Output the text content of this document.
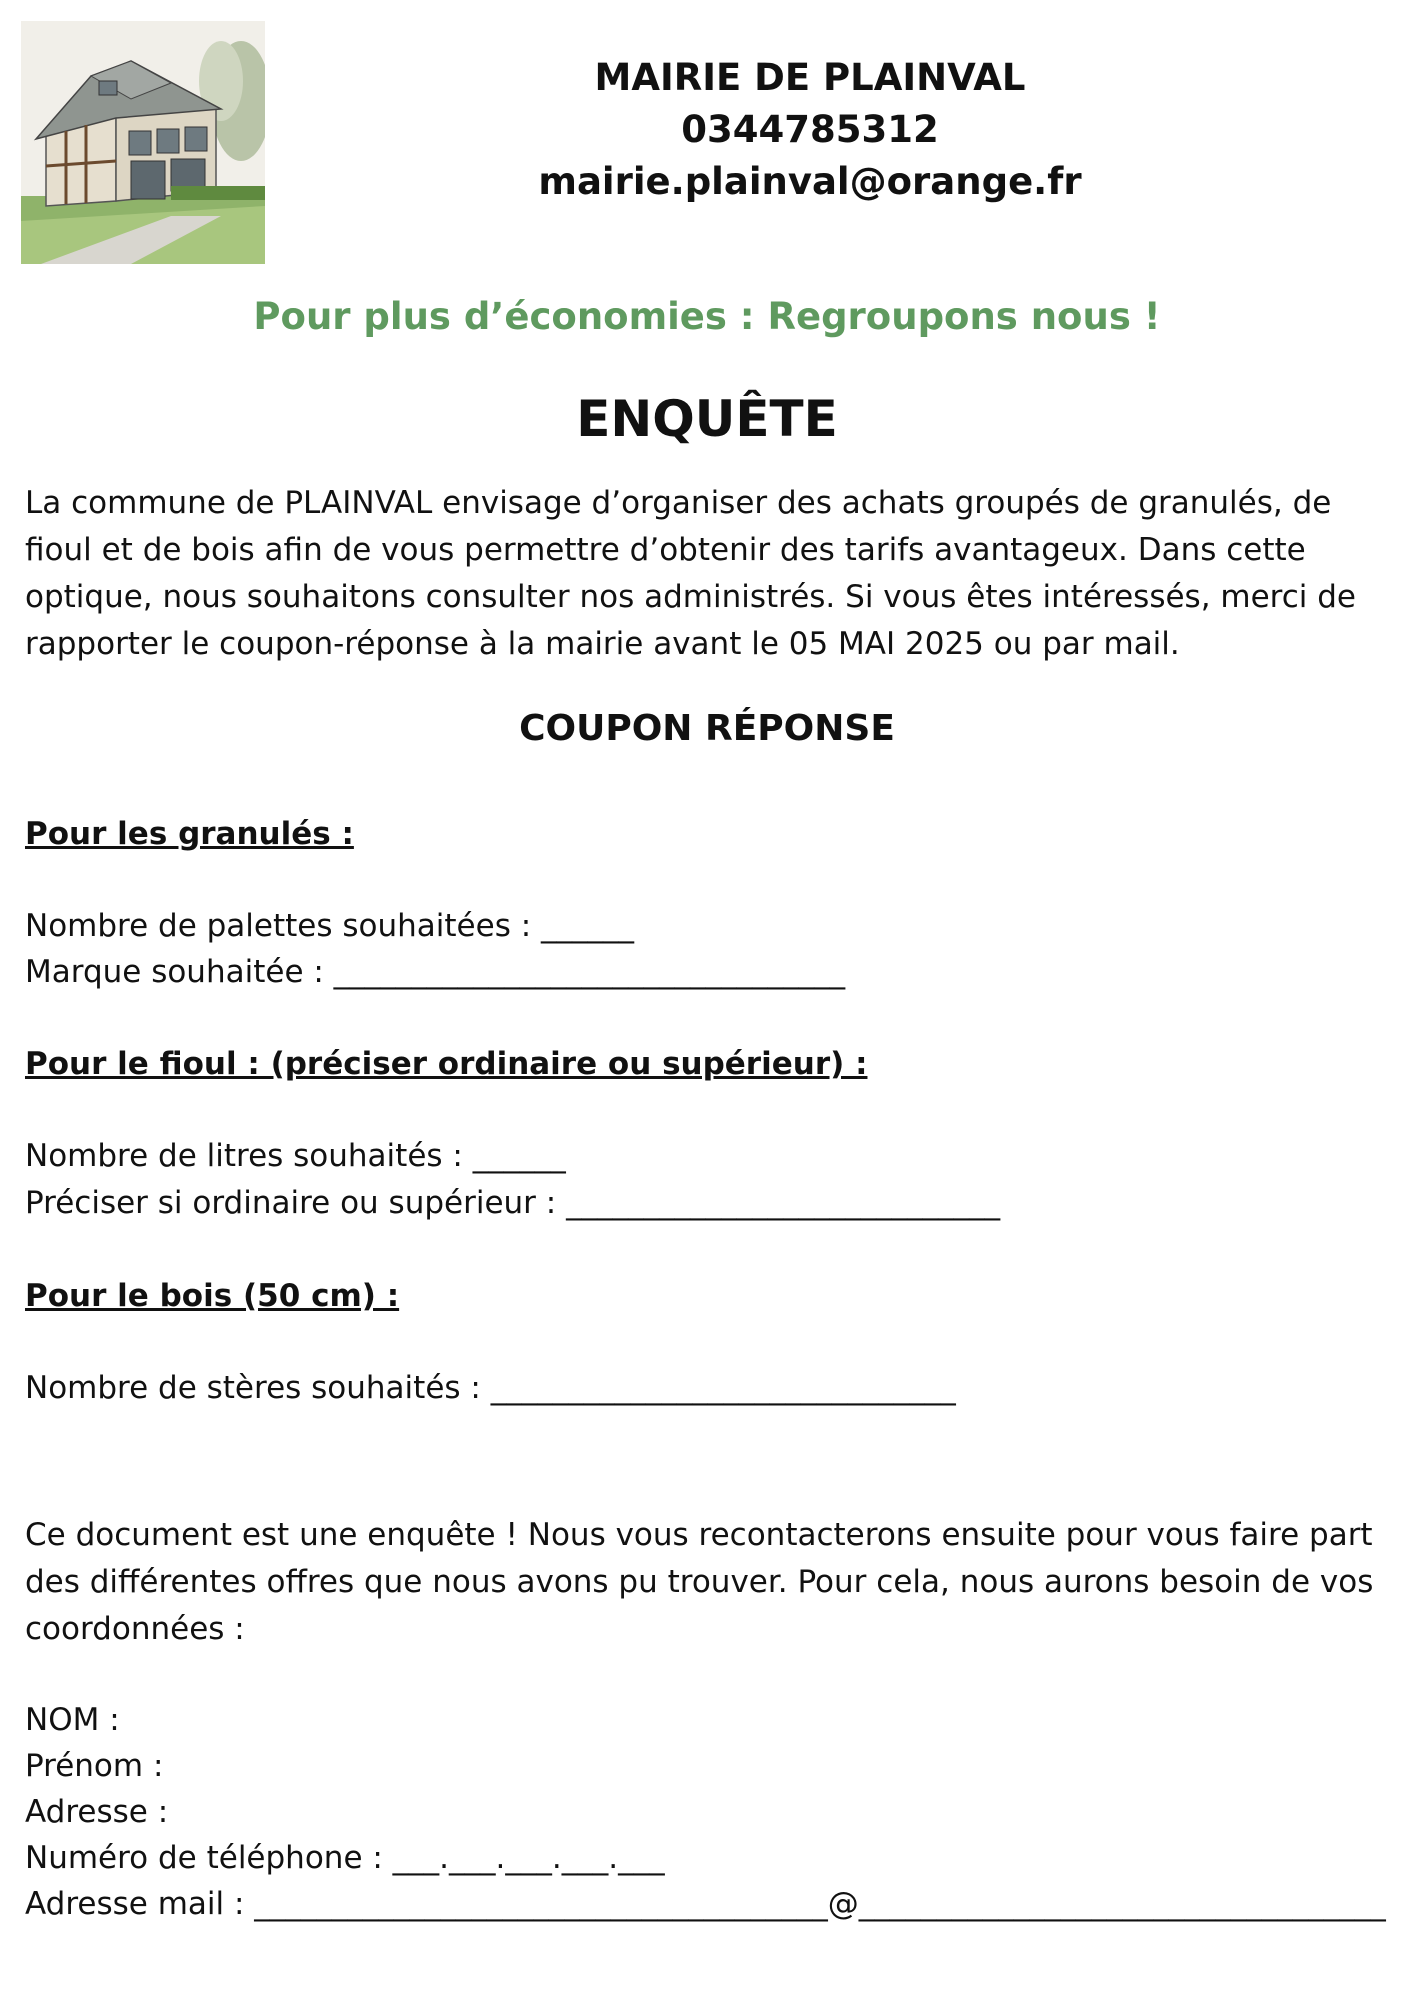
MAIRIE DE PLAINVAL
0344785312
mairie.plainval@orange.fr
Pour plus d’économies : Regroupons nous !
ENQUÊTE
La commune de PLAINVAL envisage d’organiser des achats groupés de granulés, de fioul et de bois afin de vous permettre d’obtenir des tarifs avantageux. Dans cette optique, nous souhaitons consulter nos administrés. Si vous êtes intéressés, merci de rapporter le coupon-réponse à la mairie avant le 05 MAI 2025 ou par mail.
COUPON RÉPONSE
Pour les granulés :
Nombre de palettes souhaitées : ______
Marque souhaitée : _________________________________
Pour le fioul : (préciser ordinaire ou supérieur) :
Nombre de litres souhaités : ______
Préciser si ordinaire ou supérieur : ____________________________
Pour le bois (50 cm) :
Nombre de stères souhaités : ______________________________
Ce document est une enquête ! Nous vous recontacterons ensuite pour vous faire part des différentes offres que nous avons pu trouver. Pour cela, nous aurons besoin de vos coordonnées :
NOM :
Prénom :
Adresse :
Numéro de téléphone : ___.___.___.___.___
Adresse mail : _____________________________________@__________________________________
